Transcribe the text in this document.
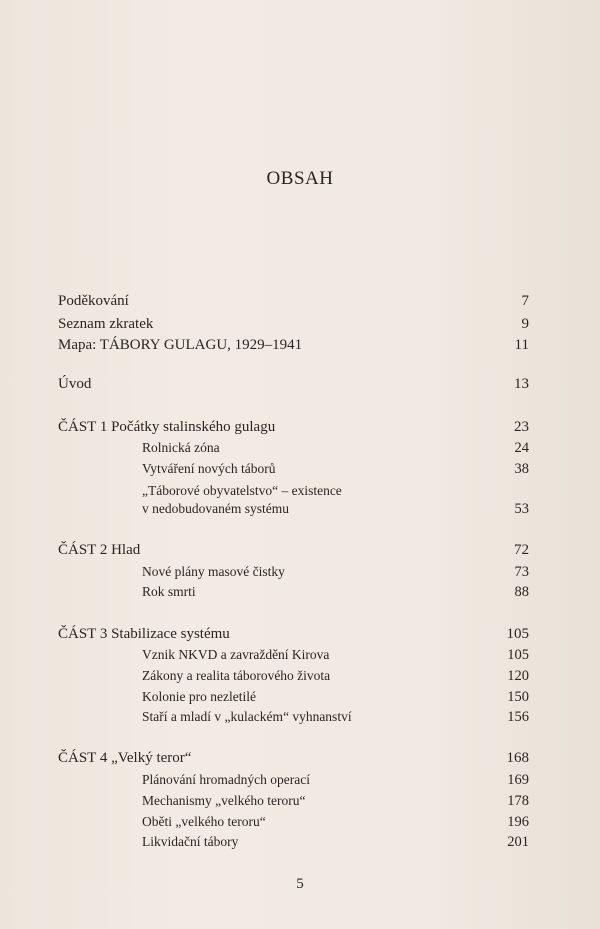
OBSAH
Poděkování	7
Seznam zkratek	9
Mapa: TÁBORY GULAGU, 1929–1941	11
Úvod	13
ČÁST 1 Počátky stalinského gulagu	23
Rolnická zóna	24
Vytváření nových táborů	38
„Táborové obyvatelstvo“ – existence
v nedobudovaném systému	53
ČÁST 2 Hlad	72
Nové plány masové čistky	73
Rok smrti	88
ČÁST 3 Stabilizace systému	105
Vznik NKVD a zavraždění Kirova	105
Zákony a realita táborového života	120
Kolonie pro nezletilé	150
Staří a mladí v „kulackém“ vyhnanství	156
ČÁST 4 „Velký teror“	168
Plánování hromadných operací	169
Mechanismy „velkého teroru“	178
Oběti „velkého teroru“	196
Likvidační tábory	201
5
